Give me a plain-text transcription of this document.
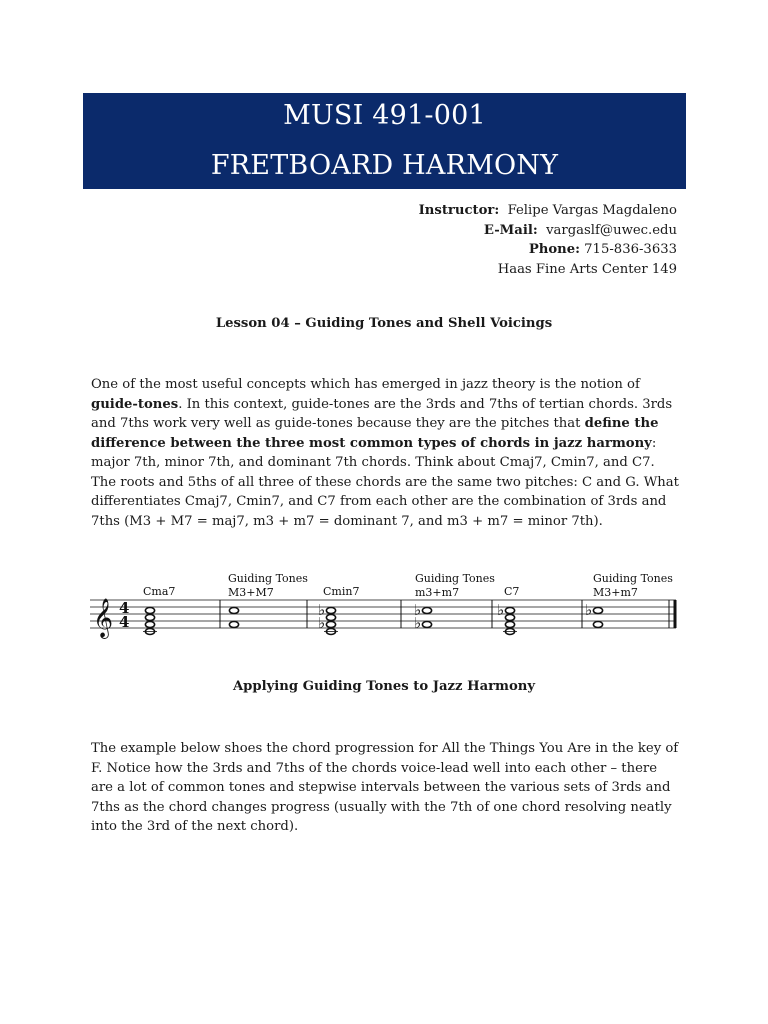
MUSI 491-001
FRETBOARD HARMONY
Instructor: Felipe Vargas Magdaleno
E-Mail: vargaslf@uwec.edu
Phone: 715-836-3633
Haas Fine Arts Center 149
Lesson 04 – Guiding Tones and Shell Voicings
One of the most useful concepts which has emerged in jazz theory is the notion of guide-tones. In this context, guide-tones are the 3rds and 7ths of tertian chords. 3rds and 7ths work very well as guide-tones because they are the pitches that define the difference between the three most common types of chords in jazz harmony: major 7th, minor 7th, and dominant 7th chords. Think about Cmaj7, Cmin7, and C7. The roots and 5ths of all three of these chords are the same two pitches: C and G. What differentiates Cmaj7, Cmin7, and C7 from each other are the combination of 3rds and 7ths (M3 + M7 = maj7, m3 + m7 = dominant 7, and m3 + m7 = minor 7th).
Cma7
Guiding Tones
M3+M7	Cmin7
Guiding Tones
m3+m7	C7
Guiding Tones
M3+m7
𝄞 4
4
♭
♭
♭
♭
♭	♭
Applying Guiding Tones to Jazz Harmony
The example below shoes the chord progression for All the Things You Are in the key of F. Notice how the 3rds and 7ths of the chords voice-lead well into each other – there are a lot of common tones and stepwise intervals between the various sets of 3rds and 7ths as the chord changes progress (usually with the 7th of one chord resolving neatly into the 3rd of the next chord).
